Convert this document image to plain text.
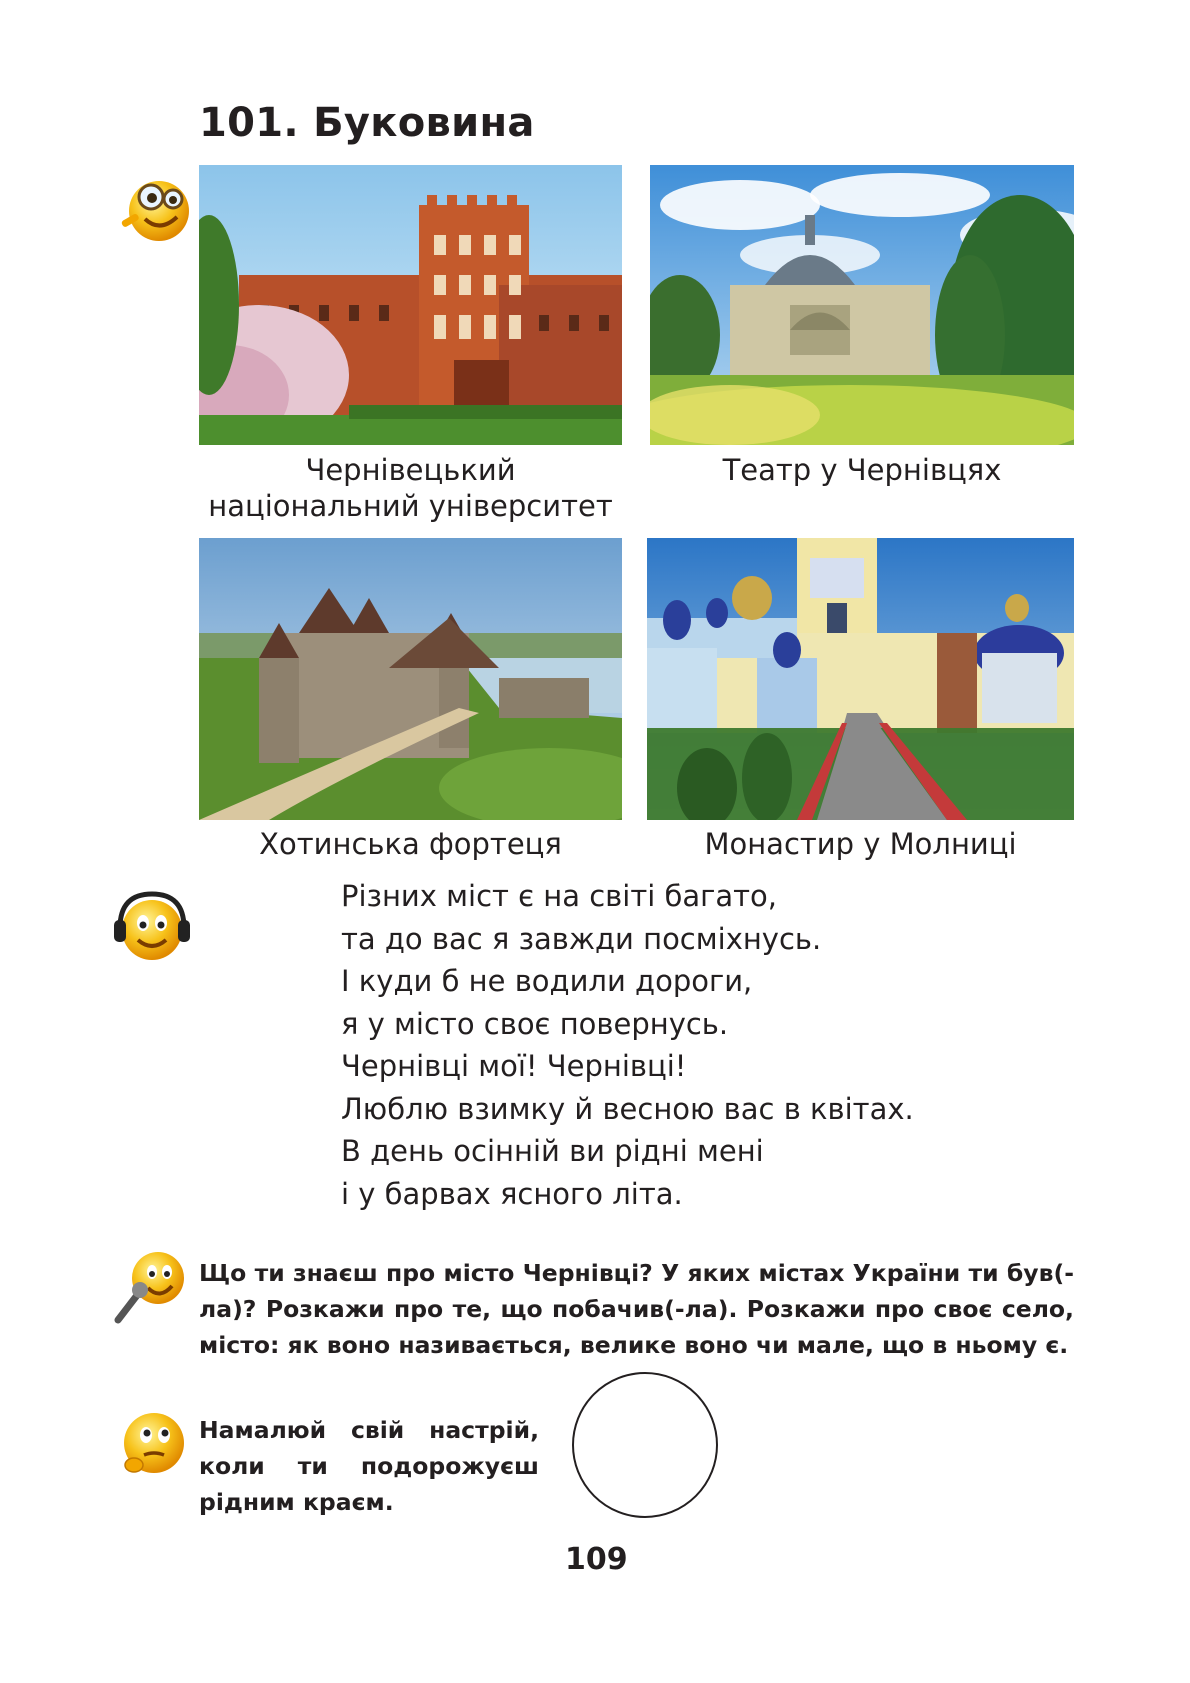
101. Буковина
Чернівецький
національний університет
Театр у Чернівцях
Хотинська фортеця	Монастир у Молниці
Різних міст є на світі багато,
та до вас я завжди посміхнусь.
І куди б не водили дороги,
я у місто своє повернусь.
Чернівці мої! Чернівці!
Люблю взимку й весною вас в квітах.
В день осінній ви рідні мені
і у барвах ясного літа.
Що ти знаєш про місто Чернівці? У яких містах України ти був(-ла)? Розкажи про те, що побачив(-ла). Розкажи про своє село, місто: як воно називається, велике воно чи мале, що в ньому є.
Намалюй свій настрій, коли ти подорожуєш рідним краєм.
109
